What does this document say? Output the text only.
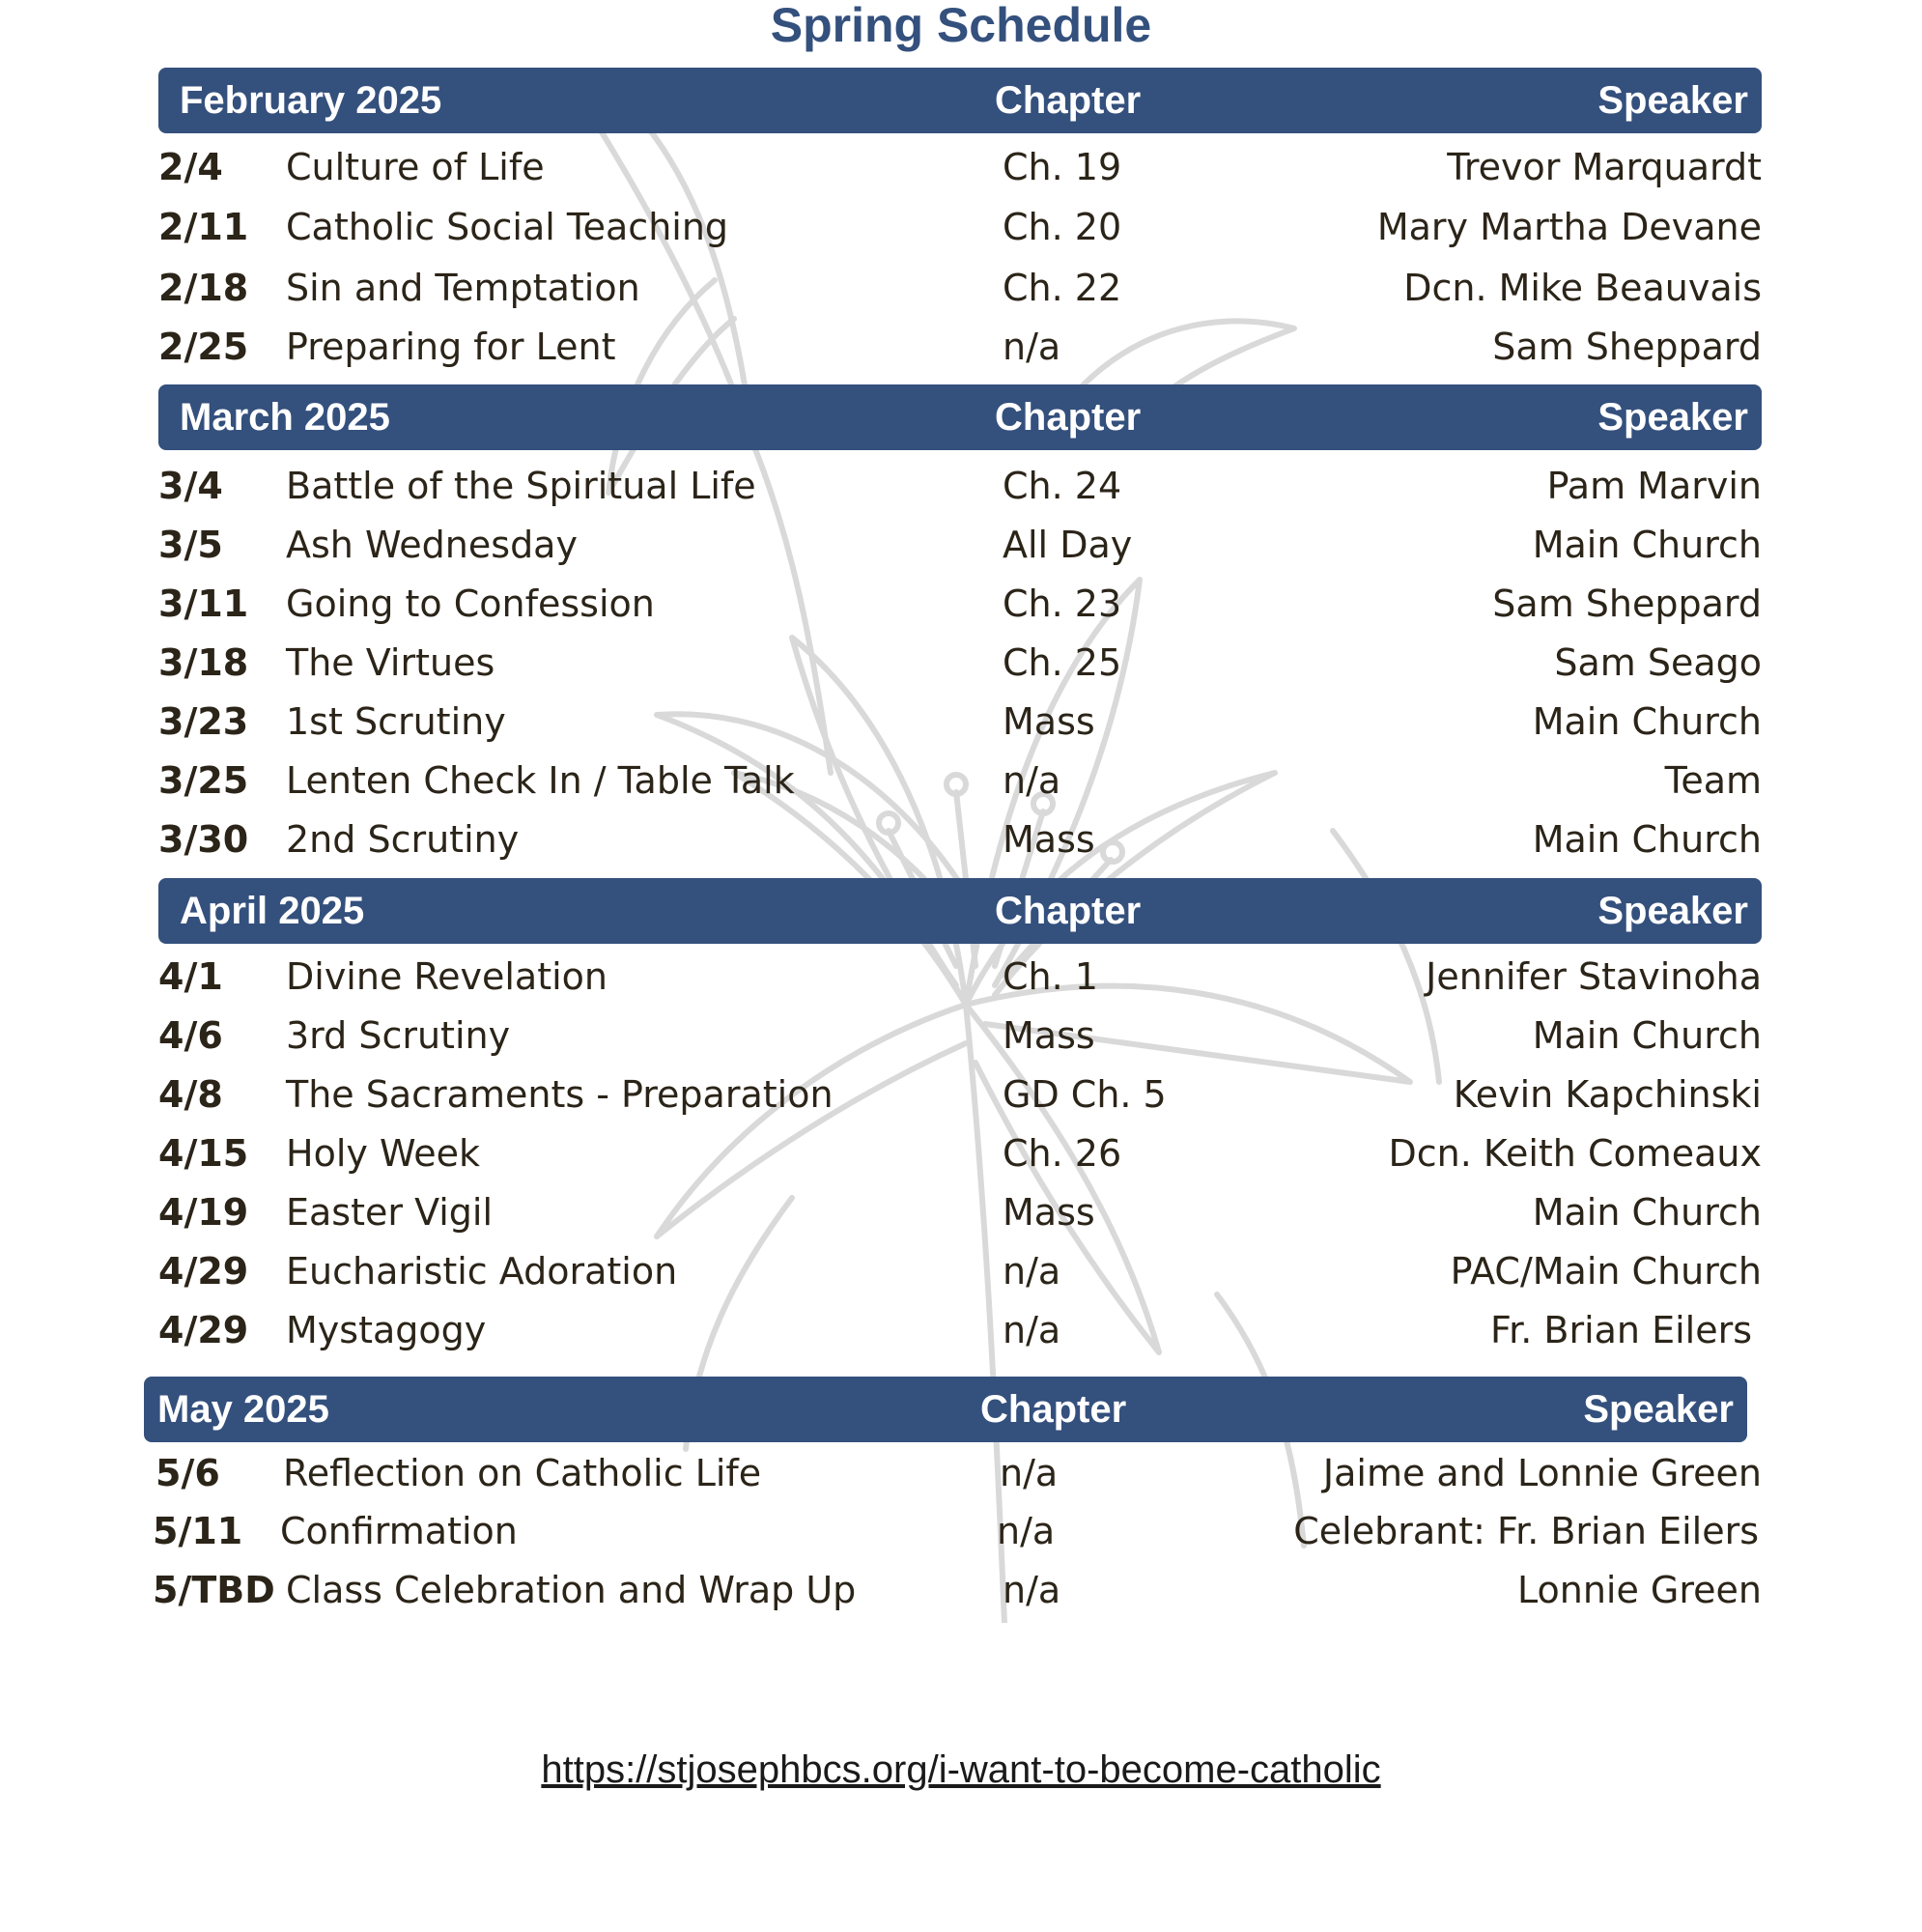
Spring Schedule
February 2025	Chapter	Speaker
2/4 Culture of Life	Ch. 19	Trevor Marquardt
2/11 Catholic Social Teaching	Ch. 20	Mary Martha Devane
2/18 Sin and Temptation	Ch. 22	Dcn. Mike Beauvais
2/25 Preparing for Lent	n/a	Sam Sheppard
March 2025	Chapter	Speaker
3/4 Battle of the Spiritual Life	Ch. 24	Pam Marvin
3/5 Ash Wednesday	All Day	Main Church
3/11 Going to Confession	Ch. 23	Sam Sheppard
3/18 The Virtues	Ch. 25	Sam Seago
3/23 1st Scrutiny	Mass	Main Church
3/25 Lenten Check In / Table Talk	n/a	Team
3/30 2nd Scrutiny	Mass	Main Church
April 2025	Chapter	Speaker
4/1 Divine Revelation	Ch. 1	Jennifer Stavinoha
4/6 3rd Scrutiny	Mass	Main Church
4/8 The Sacraments - Preparation	GD Ch. 5	Kevin Kapchinski
4/15 Holy Week	Ch. 26	Dcn. Keith Comeaux
4/19 Easter Vigil	Mass	Main Church
4/29 Eucharistic Adoration	n/a	PAC/Main Church
4/29 Mystagogy	n/a	Fr. Brian Eilers
May 2025	Chapter	Speaker
5/6 Reflection on Catholic Life	n/a	Jaime and Lonnie Green
5/11 Confirmation	n/a	Celebrant: Fr. Brian Eilers
5/TBD Class Celebration and Wrap Up	n/a	Lonnie Green
https://stjosephbcs.org/i-want-to-become-catholic
